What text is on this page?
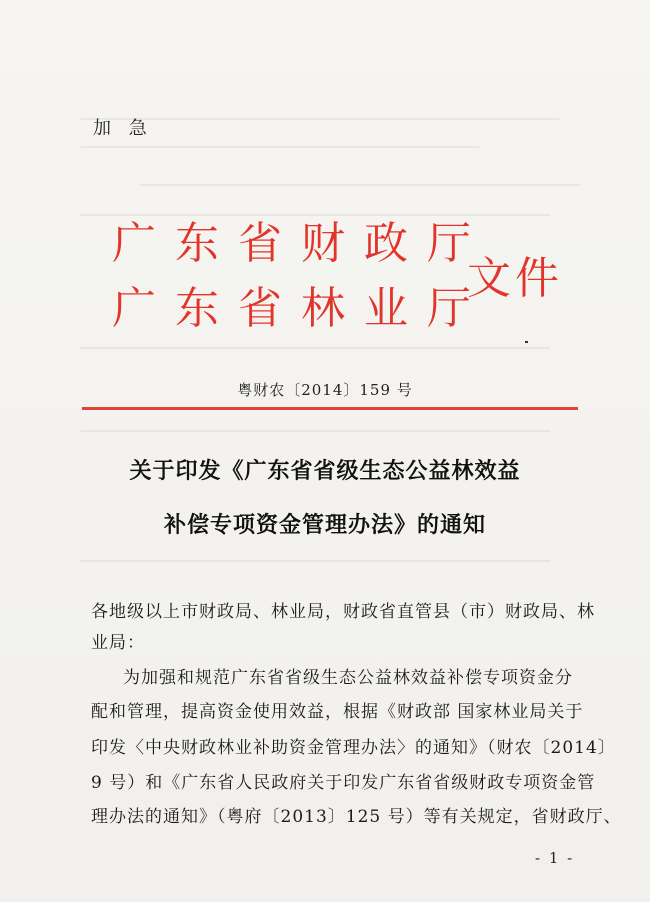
加 急
广东省财政厅
广东省林业厅
文件
粤财农〔2014〕159 号
关于印发《广东省省级生态公益林效益
补偿专项资金管理办法》的通知
各地级以上市财政局、林业局，财政省直管县（市）财政局、林
业局：
为加强和规范广东省省级生态公益林效益补偿专项资金分
配和管理，提高资金使用效益，根据《财政部 国家林业局关于
印发〈中央财政林业补助资金管理办法〉的通知》（财农〔2014〕
9 号）和《广东省人民政府关于印发广东省省级财政专项资金管
理办法的通知》（粤府〔2013〕125 号）等有关规定，省财政厅、
- 1 -
